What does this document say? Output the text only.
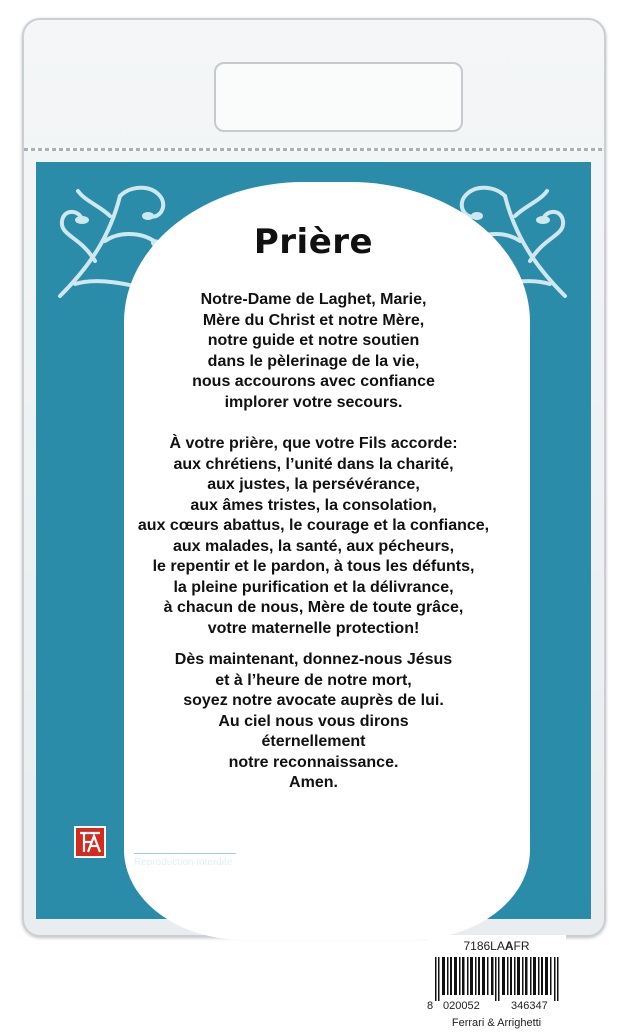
7186LAAFR
8 020052	346347
Ferrari & Arrighetti
Prière
Notre-Dame de Laghet, Marie,
Mère du Christ et notre Mère,
notre guide et notre soutien
dans le pèlerinage de la vie,
nous accourons avec confiance
implorer votre secours.
À votre prière, que votre Fils accorde:
aux chrétiens, l’unité dans la charité,
aux justes, la persévérance,
aux âmes tristes, la consolation,
aux cœurs abattus, le courage et la confiance,
aux malades, la santé, aux pécheurs,
le repentir et le pardon, à tous les défunts,
la pleine purification et la délivrance,
à chacun de nous, Mère de toute grâce,
votre maternelle protection!
Dès maintenant, donnez-nous Jésus
et à l’heure de notre mort,
soyez notre avocate auprès de lui.
Au ciel nous vous dirons
éternellement
notre reconnaissance.
Amen.
MADE IN ITALY
Reproduction Interdite
